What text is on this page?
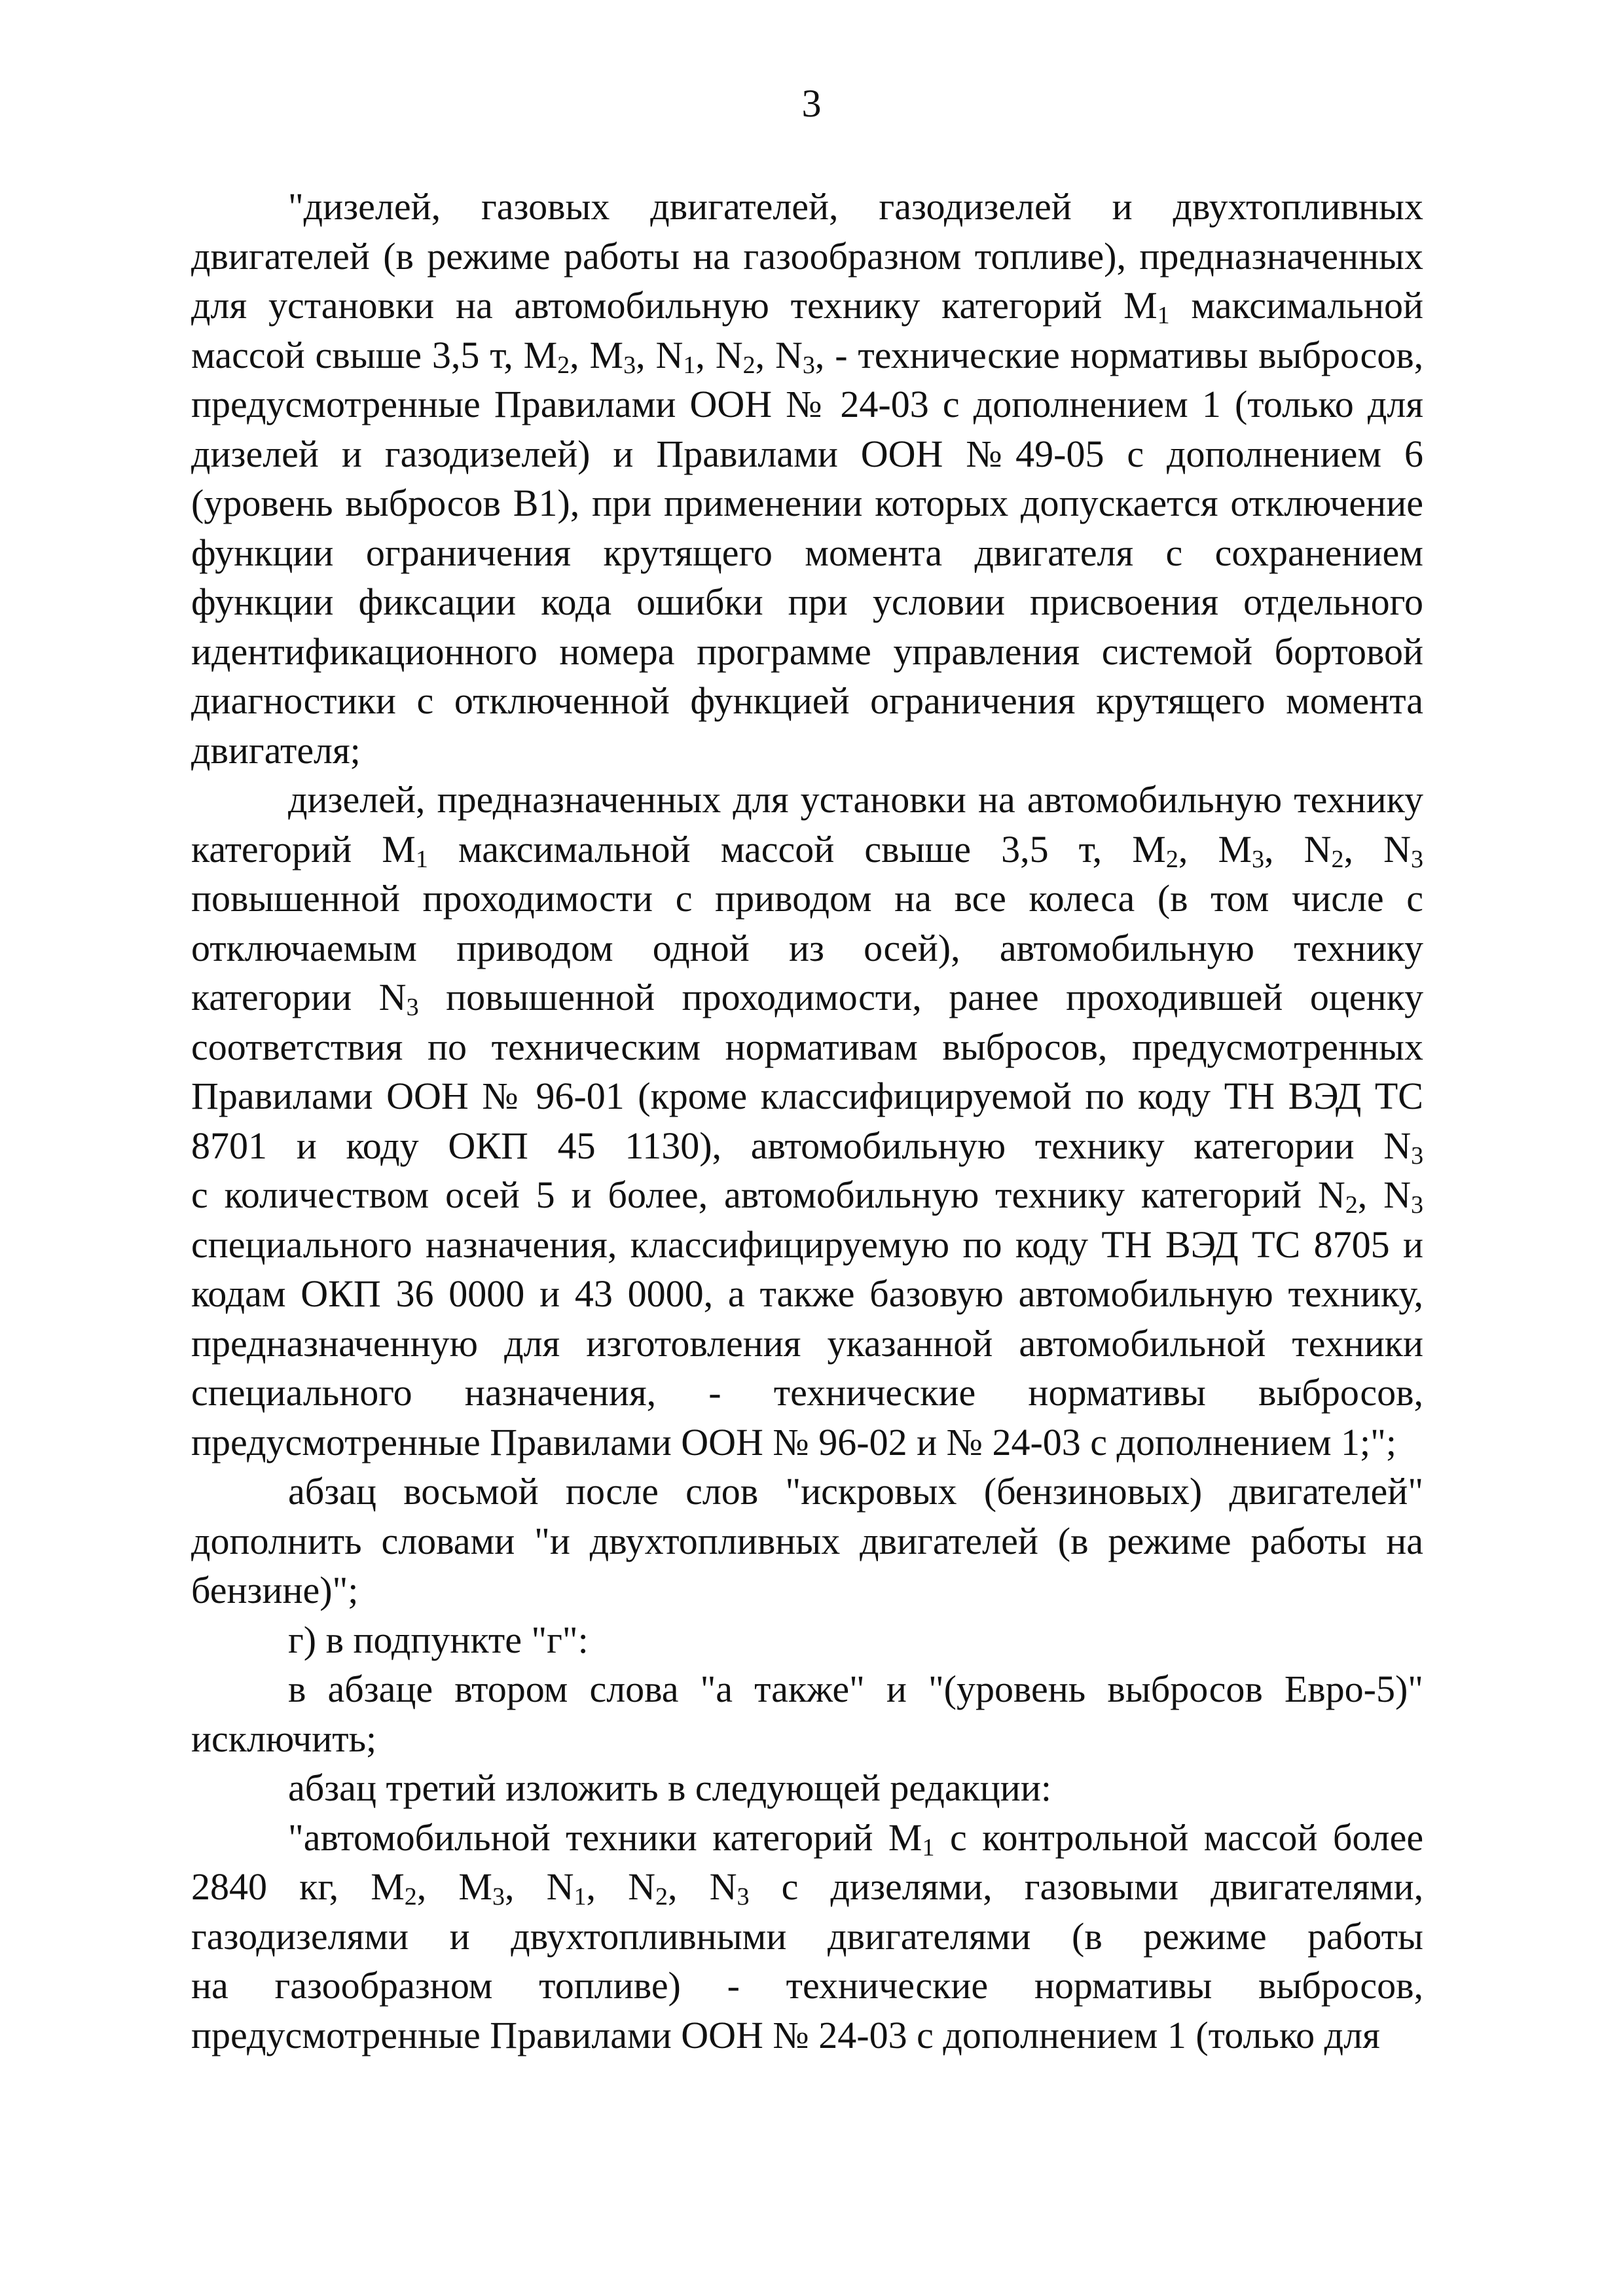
3

"дизелей, газовых двигателей, газодизелей и двухтопливных
двигателей (в режиме работы на газообразном топливе), предназначенных
для установки на автомобильную технику категорий $M_1$ максимальной
массой свыше 3,5 т, $M_2$, $M_3$, $N_1$, $N_2$, $N_3$, - технические нормативы выбросов,
предусмотренные Правилами ООН № 24-03 с дополнением 1 (только для
дизелей и газодизелей) и Правилами ООН №49-05 с дополнением 6
(уровень выбросов B1), при применении которых допускается отключение
функции ограничения крутящего момента двигателя с сохранением
функции фиксации кода ошибки при условии присвоения отдельного
идентификационного номера программе управления системой бортовой
диагностики с отключенной функцией ограничения крутящего момента
двигателя;

дизелей, предназначенных для установки на автомобильную технику
категорий $M_1$ максимальной массой свыше 3,5 т, $M_2$, $M_3$, $N_2$, $N_3$
повышенной проходимости с приводом на все колеса (в том числе с
отключаемым приводом одной из осей), автомобильную технику
категории $N_3$ повышенной проходимости, ранее проходившей оценку
соответствия по техническим нормативам выбросов, предусмотренных
Правилами ООН № 96-01 (кроме классифицируемой по коду ТН ВЭД ТС
8701 и коду ОКП 45 1130), автомобильную технику категории $N_3$
с количеством осей 5 и более, автомобильную технику категорий $N_2$, $N_3$
специального назначения, классифицируемую по коду ТН ВЭД ТС 8705 и
кодам ОКП 36 0000 и 43 0000, а также базовую автомобильную технику,
предназначенную для изготовления указанной автомобильной техники
специального назначения, - технические нормативы выбросов,
предусмотренные Правилами ООН № 96-02 и № 24-03 с дополнением 1;";

абзац восьмой после слов "искровых (бензиновых) двигателей"
дополнить словами "и двухтопливных двигателей (в режиме работы на
бензине)";

г) в подпункте "г":

в абзаце втором слова "а также" и "(уровень выбросов Евро-5)"
исключить;

абзац третий изложить в следующей редакции:

"автомобильной техники категорий $M_1$ с контрольной массой более
2840 кг, $M_2$, $M_3$, $N_1$, $N_2$, $N_3$ с дизелями, газовыми двигателями,
газодизелями и двухтопливными двигателями (в режиме работы
на газообразном топливе) - технические нормативы выбросов,
предусмотренные Правилами ООН № 24-03 с дополнением 1 (только для
